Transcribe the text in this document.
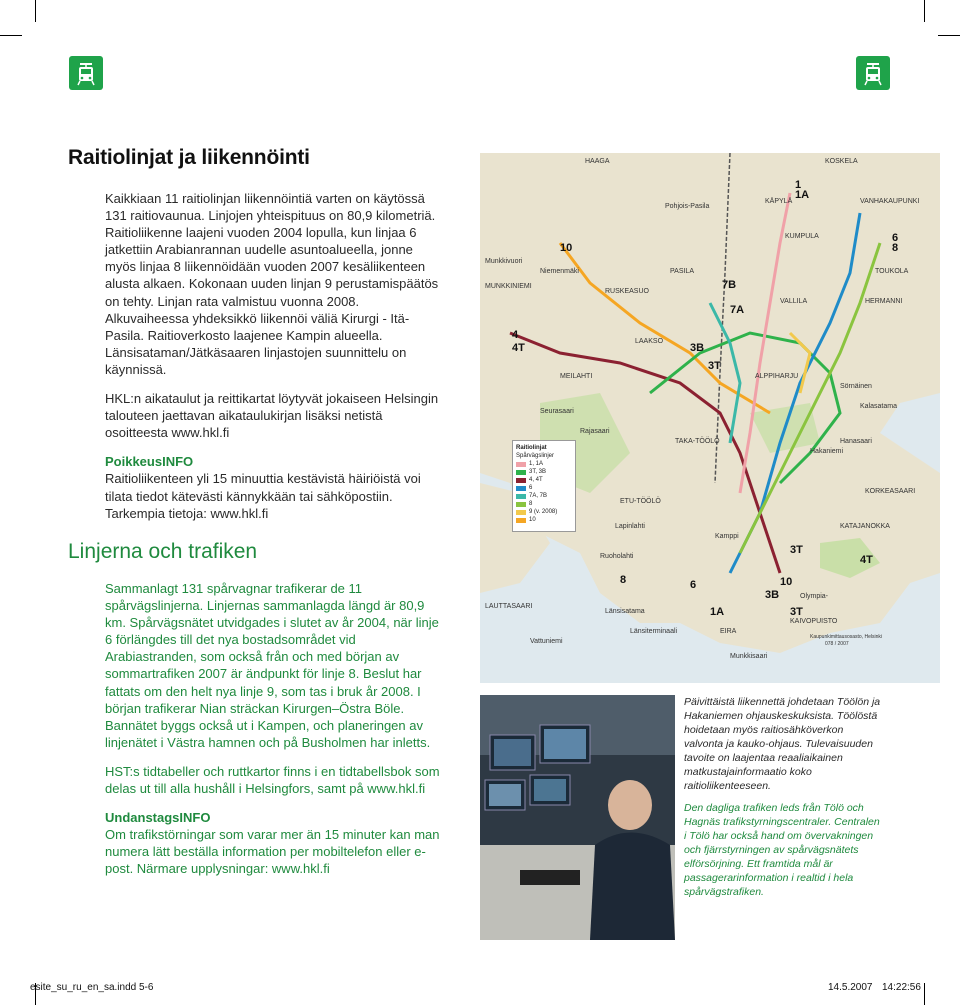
Raitiolinjat ja liikennöinti

Kaikkiaan 11 raitiolinjan liikennöintiä varten on käytössä 131 raitiovaunua. Linjojen yhteispituus on 80,9 kilometriä. Raitioliikenne laajeni vuoden 2004 lopulla, kun linjaa 6 jatkettiin Arabianrannan uudelle asuntoalueella, jonne myös linjaa 8 liikennöidään vuoden 2007 kesäliikenteen alusta alkaen. Kokonaan uuden linjan 9 perustamispäätös on tehty. Linjan rata valmistuu vuonna 2008. Alkuvaiheessa yhdeksikkö liikennöi väliä Kirurgi - Itä-Pasila. Raitioverkosto laajenee Kampin alueella. Länsisataman/Jätkäsaaren linjastojen suunnittelu on käynnissä.

HKL:n aikataulut ja reittikartat löytyvät jokaiseen Helsingin talouteen jaettavan aikataulukirjan lisäksi netistä osoitteesta www.hkl.fi

PoikkeusINFO

Raitioliikenteen yli 15 minuuttia kestävistä häiriöistä voi tilata tiedot kätevästi kännykkään tai sähköpostiin. Tarkempia tietoja: www.hkl.fi

Linjerna och trafiken

Sammanlagt 131 spårvagnar trafikerar de 11 spårvägslinjerna. Linjernas sammanlagda längd är 80,9 km. Spårvägsnätet utvidgades i slutet av år 2004, när linje 6 förlängdes till det nya bostadsområdet vid Arabiastranden, som också från och med början av sommartrafiken 2007 är ändpunkt för linje 8. Beslut har fattats om den helt nya linje 9, som tas i bruk år 2008. I början trafikerar Nian sträckan Kirurgen–Östra Böle. Bannätet byggs också ut i Kampen, och planeringen av linjenätet i Västra hamnen och på Busholmen har inletts.

HST:s tidtabeller och ruttkartor finns i en tidtabellsbok som delas ut till alla hushåll i Helsingfors, samt på www.hkl.fi

UndanstagsINFO

Om trafikstörningar som varar mer än 15 minuter kan man numera lätt beställa information per mobiltelefon eller e-post. Närmare upplysningar: www.hkl.fi

HAAGA	KOSKELA
KÄPYLÄ
Pohjois-Pasila
VANHAKAUPUNKI
KUMPULA
Munkkivuori
MUNKKINIEMI
Niemenmäki
RUSKEASUO
PASILA	TOUKOLA
VALLILA	HERMANNI
LAAKSO
MEILAHTI	ALPPIHARJU
Sörnäinen
Kalasatama
Seurasaari
Rajasaari
TAKA-TÖÖLÖ
Hakaniemi
Hanasaari
ETU-TÖÖLÖ
KORKEASAARI
Kamppi
Lapinlahti
Ruoholahti
KATAJANOKKA
Länsisatama
LAUTTASAARI
Vattuniemi
EIRA
Olympia-
KAIVOPUISTO
Munkkisaari
Länsiterminaali
1
1A
10
4
4T
7B
7A
3B
3T
6
8
3T
4T
6
8
1A
3B
3T
10
Kaupunkimittausosasto, Helsinki
078 / 2007
Raitiolinjat
Spårvägslinjer
1, 1A
3T, 3B
4, 4T
6
7A, 7B
8
9 (v. 2008)
10
Päivittäistä liikennettä johdetaan Töölön ja Hakaniemen ohjauskeskuksista. Töölöstä hoidetaan myös raitiosähköverkon valvonta ja kauko-ohjaus. Tulevaisuuden tavoite on laajentaa reaaliaikainen matkustajainformaatio koko raitioliikenteeseen.
Den dagliga trafiken leds från Tölö och Hagnäs trafikstyrningscentraler. Centralen i Tölö har också hand om övervakningen och fjärrstyrningen av spårvägsnätets elförsörjning. Ett framtida mål är passagerarinformation i realtid i hela spårvägstrafiken.
esite_su_ru_en_sa.indd 5-6	14.5.2007 14:22:56
